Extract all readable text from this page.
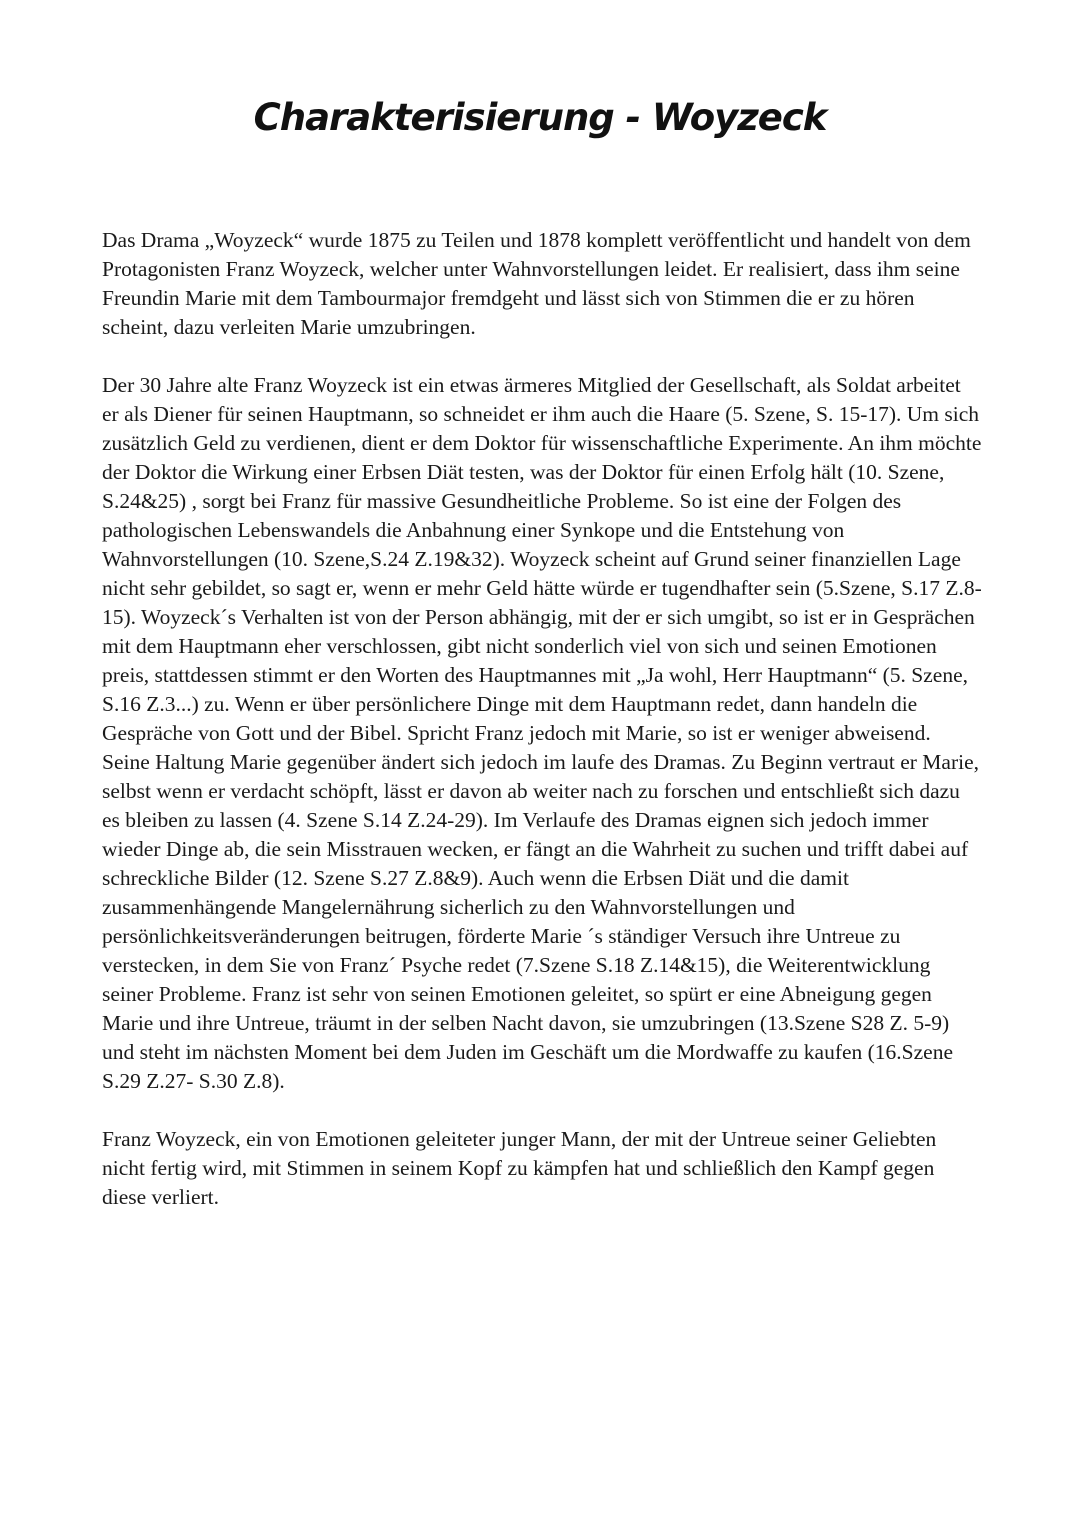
Charakterisierung - Woyzeck

Das Drama „Woyzeck“ wurde 1875 zu Teilen und 1878 komplett veröffentlicht und handelt von dem Protagonisten Franz Woyzeck, welcher unter Wahnvorstellungen leidet. Er realisiert, dass ihm seine Freundin Marie mit dem Tambourmajor fremdgeht und lässt sich von Stimmen die er zu hören scheint, dazu verleiten Marie umzubringen.

Der 30 Jahre alte Franz Woyzeck ist ein etwas ärmeres Mitglied der Gesellschaft, als Soldat arbeitet er als Diener für seinen Hauptmann, so schneidet er ihm auch die Haare (5. Szene, S. 15-17). Um sich zusätzlich Geld zu verdienen, dient er dem Doktor für wissenschaftliche Experimente. An ihm möchte der Doktor die Wirkung einer Erbsen Diät testen, was der Doktor für einen Erfolg hält (10. Szene, S.24&25) , sorgt bei Franz für massive Gesundheitliche Probleme. So ist eine der Folgen des pathologischen Lebenswandels die Anbahnung einer Synkope und die Entstehung von Wahnvorstellungen (10. Szene,S.24 Z.19&32). Woyzeck scheint auf Grund seiner finanziellen Lage nicht sehr gebildet, so sagt er, wenn er mehr Geld hätte würde er tugendhafter sein (5.Szene, S.17 Z.8-15). Woyzeck´s Verhalten ist von der Person abhängig, mit der er sich umgibt, so ist er in Gesprächen mit dem Hauptmann eher verschlossen, gibt nicht sonderlich viel von sich und seinen Emotionen preis, stattdessen stimmt er den Worten des Hauptmannes mit „Ja wohl, Herr Hauptmann“ (5. Szene, S.16 Z.3...) zu. Wenn er über persönlichere Dinge mit dem Hauptmann redet, dann handeln die Gespräche von Gott und der Bibel. Spricht Franz jedoch mit Marie, so ist er weniger abweisend. Seine Haltung Marie gegenüber ändert sich jedoch im laufe des Dramas. Zu Beginn vertraut er Marie, selbst wenn er verdacht schöpft, lässt er davon ab weiter nach zu forschen und entschließt sich dazu es bleiben zu lassen (4. Szene S.14 Z.24-29). Im Verlaufe des Dramas eignen sich jedoch immer wieder Dinge ab, die sein Misstrauen wecken, er fängt an die Wahrheit zu suchen und trifft dabei auf schreckliche Bilder (12. Szene S.27 Z.8&9). Auch wenn die Erbsen Diät und die damit zusammenhängende Mangelernährung sicherlich zu den Wahnvorstellungen und persönlichkeitsveränderungen beitrugen, förderte Marie ´s ständiger Versuch ihre Untreue zu verstecken, in dem Sie von Franz´ Psyche redet (7.Szene S.18 Z.14&15), die Weiterentwicklung seiner Probleme. Franz ist sehr von seinen Emotionen geleitet, so spürt er eine Abneigung gegen Marie und ihre Untreue, träumt in der selben Nacht davon, sie umzubringen (13.Szene S28 Z. 5-9) und steht im nächsten Moment bei dem Juden im Geschäft um die Mordwaffe zu kaufen (16.Szene S.29 Z.27- S.30 Z.8).

Franz Woyzeck, ein von Emotionen geleiteter junger Mann, der mit der Untreue seiner Geliebten nicht fertig wird, mit Stimmen in seinem Kopf zu kämpfen hat und schließlich den Kampf gegen diese verliert.
